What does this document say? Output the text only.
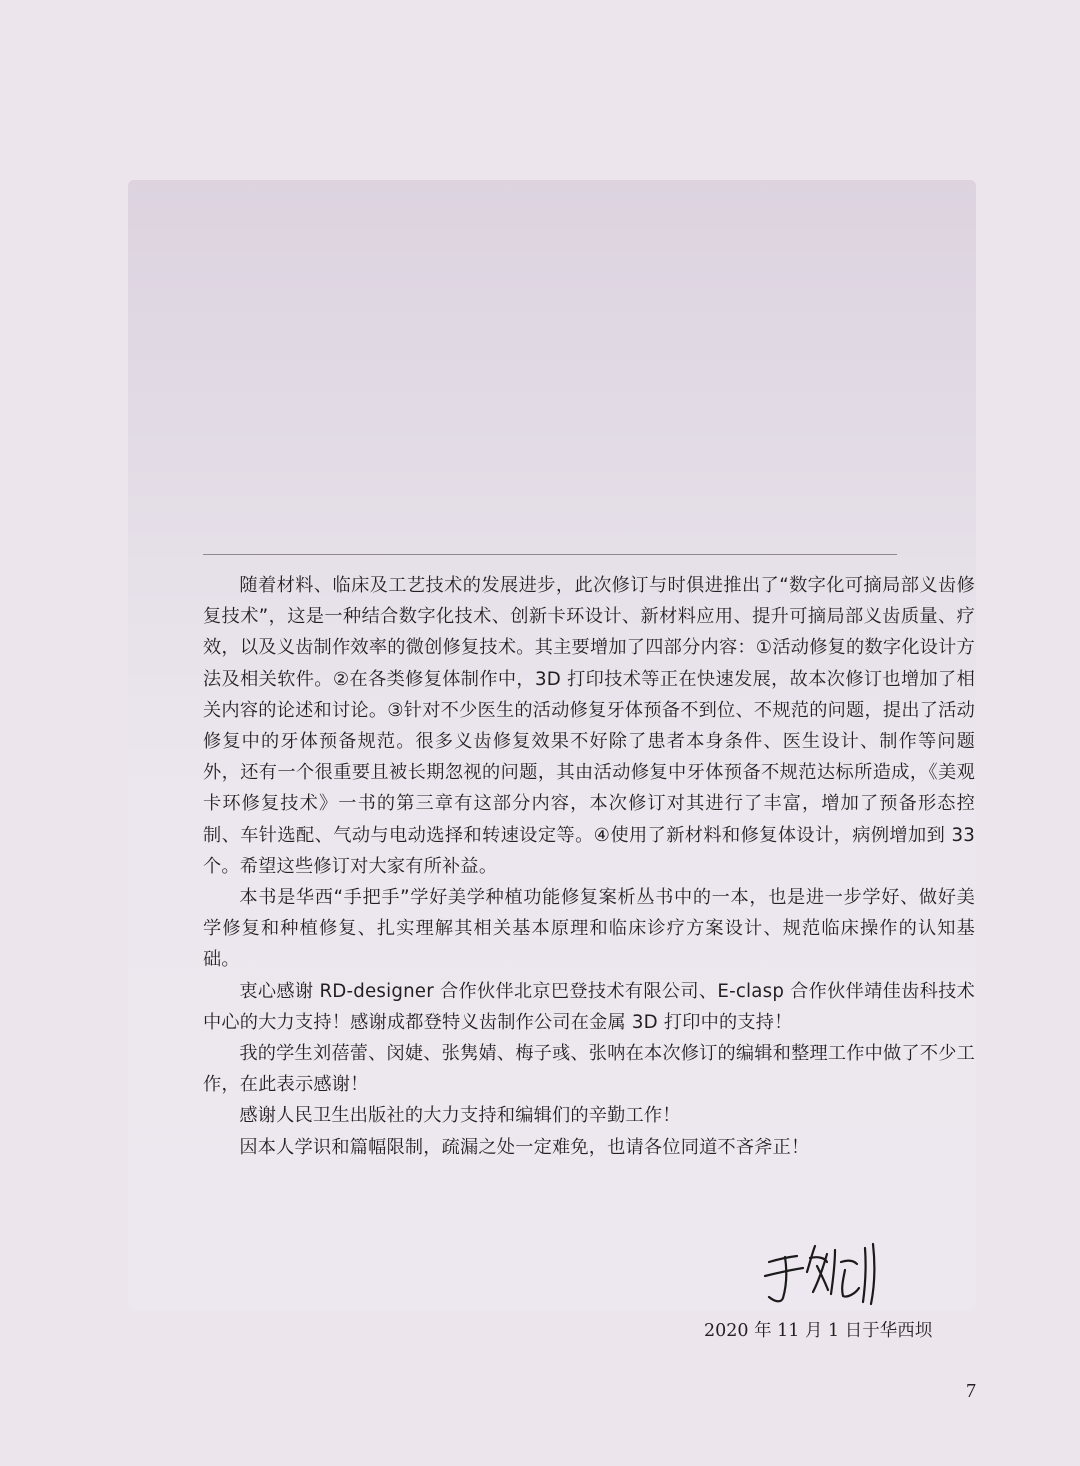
随着材料、临床及工艺技术的发展进步，此次修订与时俱进推出了“数字化可摘局部义齿修复技术”，这是一种结合数字化技术、创新卡环设计、新材料应用、提升可摘局部义齿质量、疗效，以及义齿制作效率的微创修复技术。其主要增加了四部分内容：①活动修复的数字化设计方法及相关软件。②在各类修复体制作中，3D 打印技术等正在快速发展，故本次修订也增加了相关内容的论述和讨论。③针对不少医生的活动修复牙体预备不到位、不规范的问题，提出了活动修复中的牙体预备规范。很多义齿修复效果不好除了患者本身条件、医生设计、制作等问题外，还有一个很重要且被长期忽视的问题，其由活动修复中牙体预备不规范达标所造成，《美观卡环修复技术》一书的第三章有这部分内容，本次修订对其进行了丰富，增加了预备形态控制、车针选配、气动与电动选择和转速设定等。④使用了新材料和修复体设计，病例增加到 33 个。希望这些修订对大家有所补益。

本书是华西“手把手”学好美学种植功能修复案析丛书中的一本，也是进一步学好、做好美学修复和种植修复、扎实理解其相关基本原理和临床诊疗方案设计、规范临床操作的认知基础。

衷心感谢 RD-designer 合作伙伴北京巴登技术有限公司、E-clasp 合作伙伴靖佳齿科技术中心的大力支持！感谢成都登特义齿制作公司在金属 3D 打印中的支持！

我的学生刘蓓蕾、闵婕、张隽婧、梅子彧、张呐在本次修订的编辑和整理工作中做了不少工作，在此表示感谢！

感谢人民卫生出版社的大力支持和编辑们的辛勤工作！

因本人学识和篇幅限制，疏漏之处一定难免，也请各位同道不吝斧正！

2020 年 11 月 1 日于华西坝
7
